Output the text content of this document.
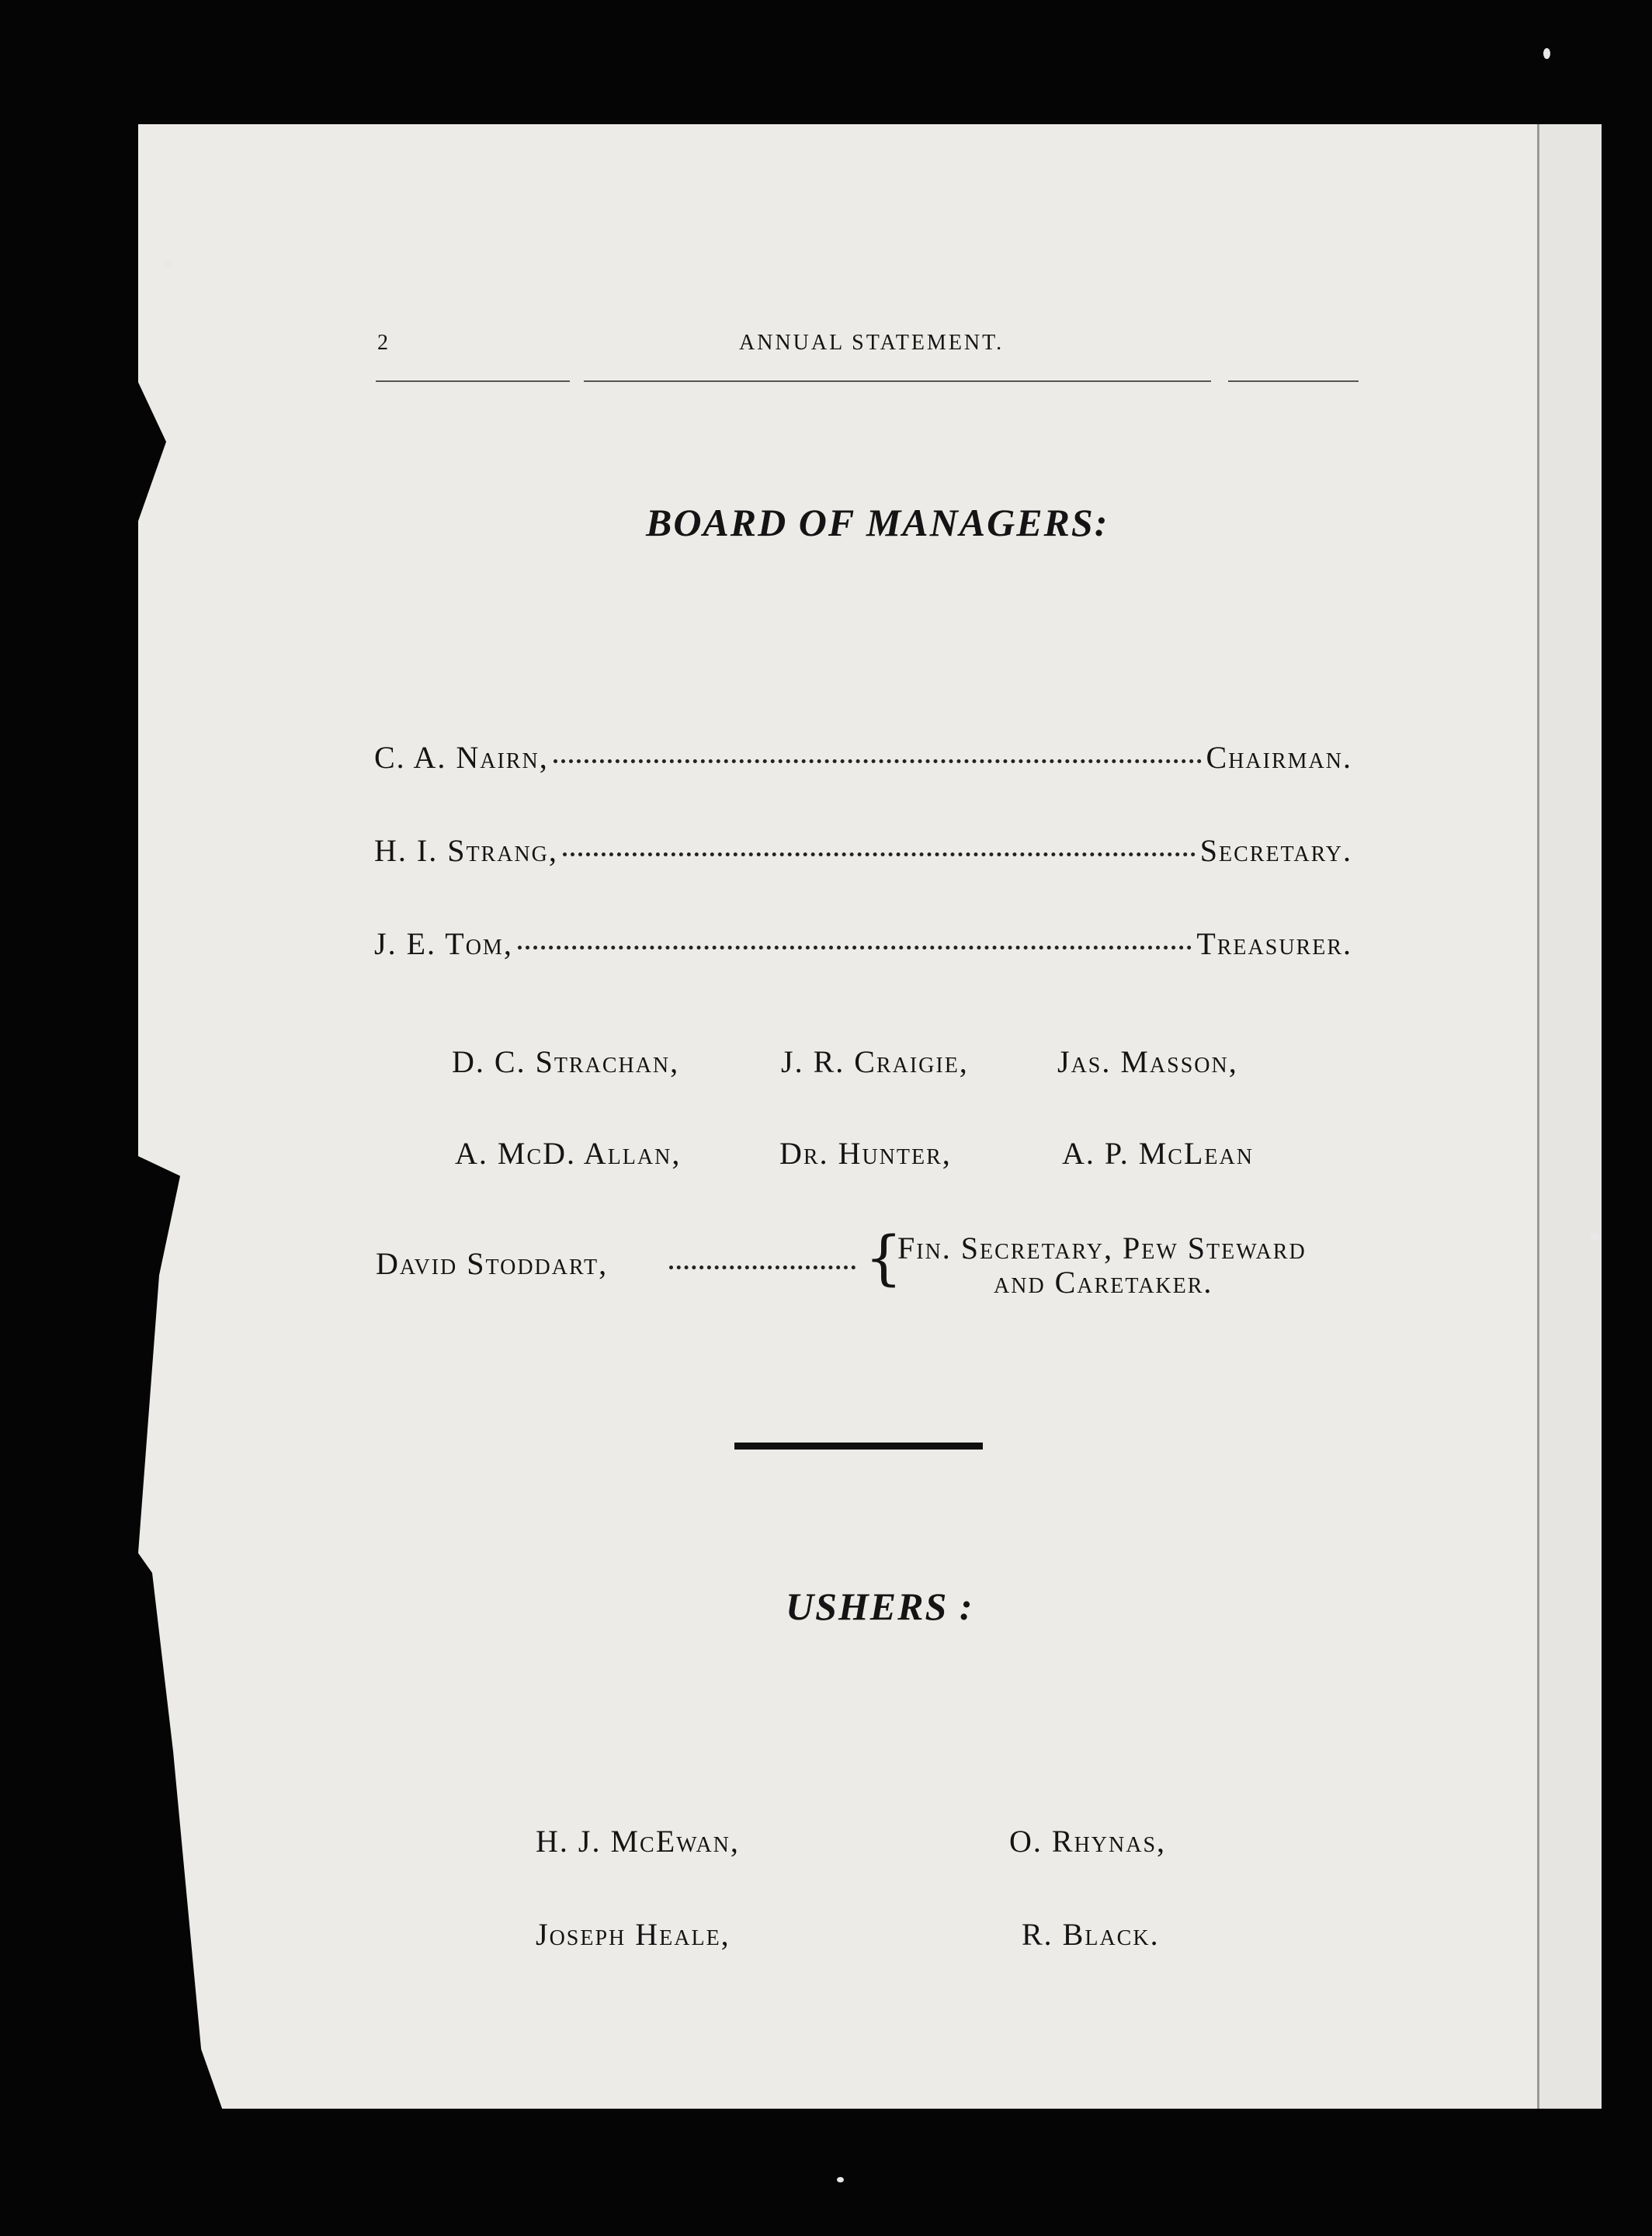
2	ANNUAL STATEMENT.
BOARD OF MANAGERS:
C. A. Nairn,	Chairman.
H. I. Strang,	Secretary.
J. E. Tom,	Treasurer.
D. C. Strachan,	J. R. Craigie,	Jas. Masson,
A. McD. Allan,	Dr. Hunter,	A. P. McLean
David Stoddart,	{
Fin. Secretary, Pew Steward
and Caretaker.
USHERS :
H. J. McEwan,	O. Rhynas,
Joseph Heale,	R. Black.
